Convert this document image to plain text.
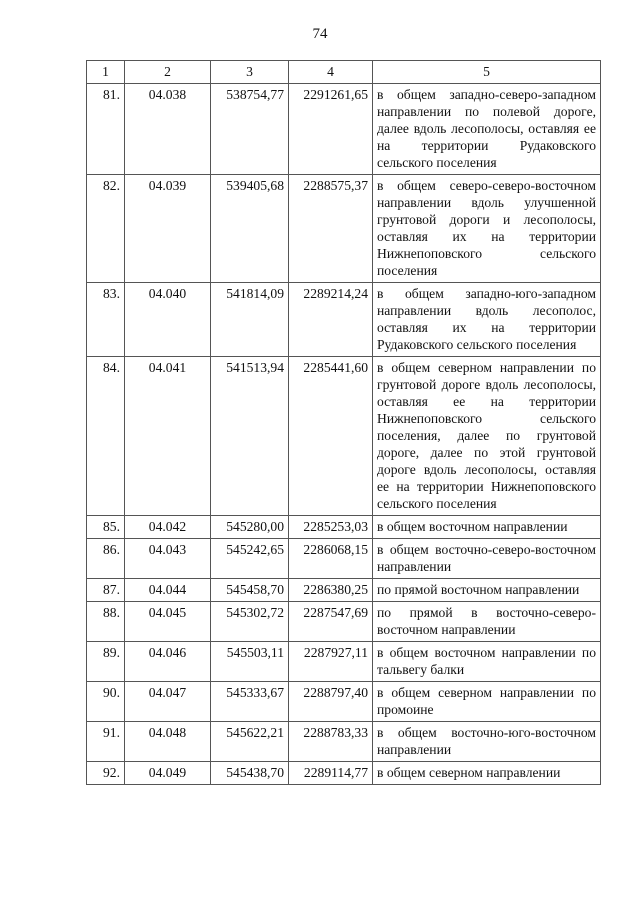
74
1	2	3	4	5
81.	04.038	538754,77	2291261,65	в общем западно-северо-западном направлении по полевой дороге, далее вдоль лесополосы, оставляя ее на территории Рудаковского сельского поселения
82.	04.039	539405,68	2288575,37	в общем северо-северо-восточном направлении вдоль улучшенной грунтовой дороги и лесополосы, оставляя их на территории Нижнепоповского сельского поселения
83.	04.040	541814,09	2289214,24	в общем западно-юго-западном направлении вдоль лесополос, оставляя их на территории Рудаковского сельского поселения
84.	04.041	541513,94	2285441,60	в общем северном направлении по грунтовой дороге вдоль лесополосы, оставляя ее на территории Нижнепоповского сельского поселения, далее по грунтовой дороге, далее по этой грунтовой дороге вдоль лесополосы, оставляя ее на территории Нижнепоповского сельского поселения
85.	04.042	545280,00	2285253,03	в общем восточном направлении
86.	04.043	545242,65	2286068,15	в общем восточно-северо-восточном направлении
87.	04.044	545458,70	2286380,25	по прямой восточном направлении
88.	04.045	545302,72	2287547,69	по прямой в восточно-северо-восточном направлении
89.	04.046	545503,11	2287927,11	в общем восточном направлении по тальвегу балки
90.	04.047	545333,67	2288797,40	в общем северном направлении по промоине
91.	04.048	545622,21	2288783,33	в общем восточно-юго-восточном направлении
92.	04.049	545438,70	2289114,77	в общем северном направлении
